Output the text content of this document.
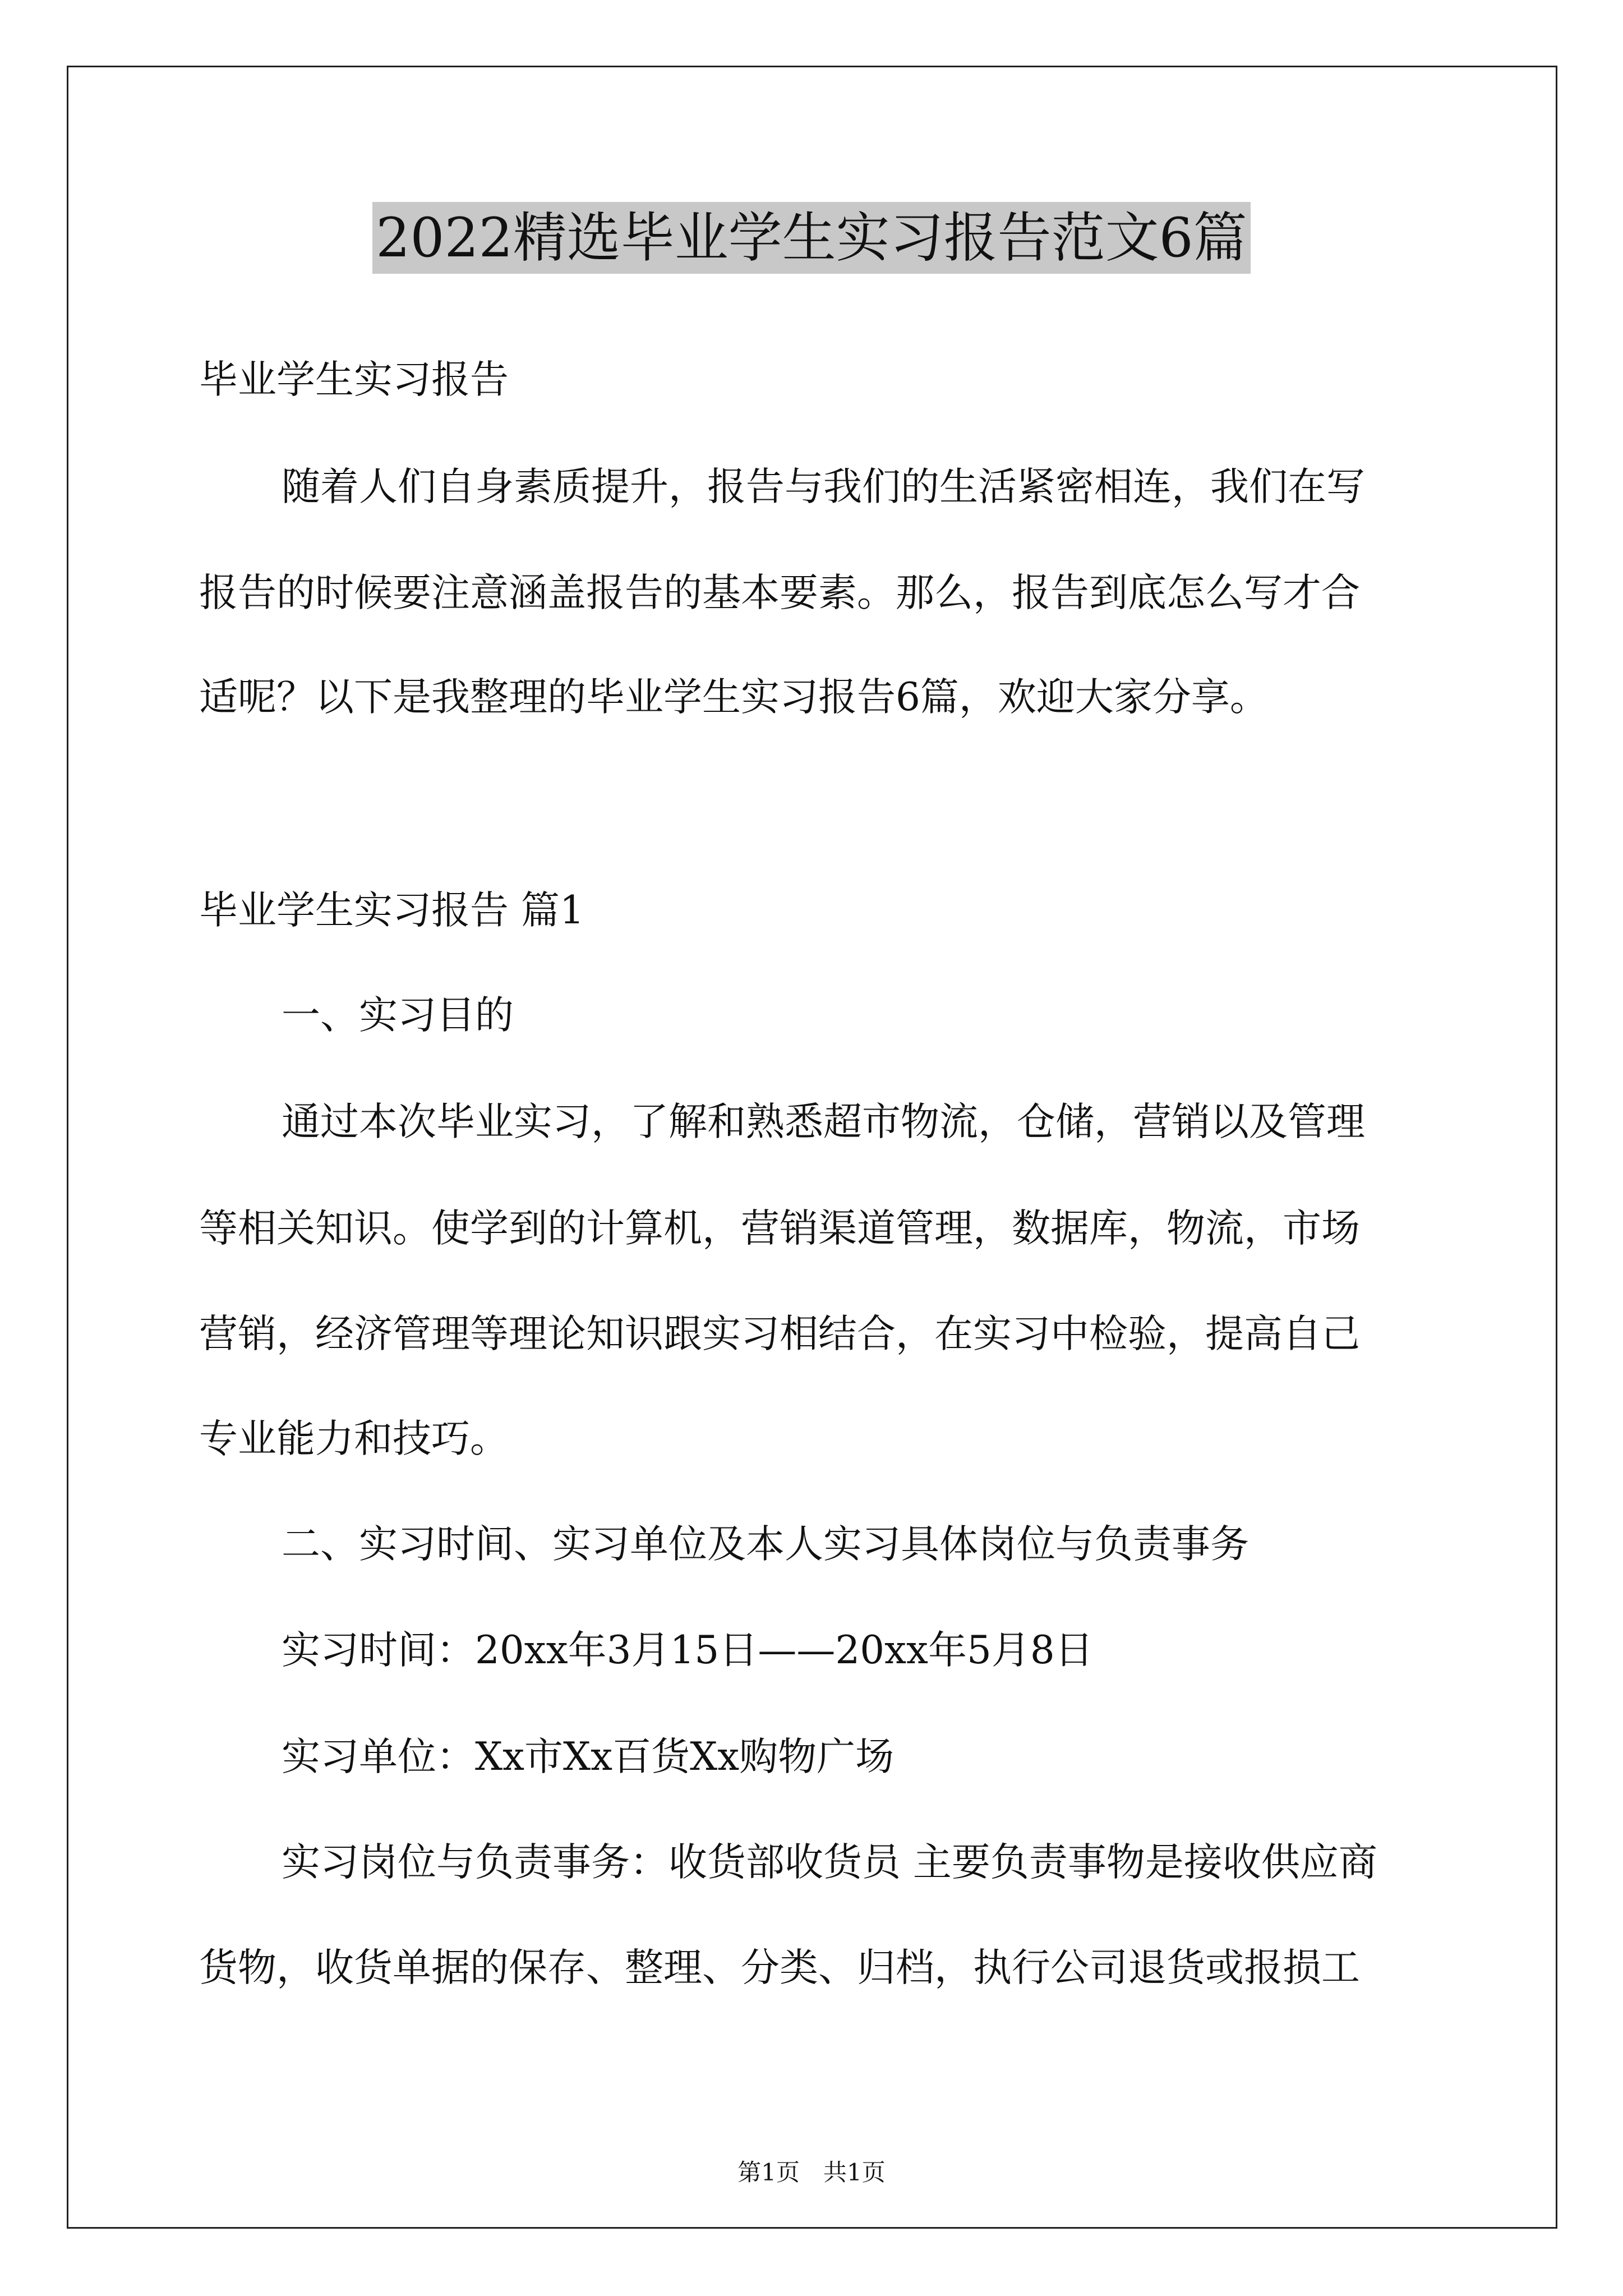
2022精选毕业学生实习报告范文6篇
毕业学生实习报告
随着人们自身素质提升，报告与我们的生活紧密相连，我们在写
报告的时候要注意涵盖报告的基本要素。那么，报告到底怎么写才合
适呢？以下是我整理的毕业学生实习报告6篇，欢迎大家分享。
毕业学生实习报告 篇1
一、实习目的
通过本次毕业实习，了解和熟悉超市物流，仓储，营销以及管理
等相关知识。使学到的计算机，营销渠道管理，数据库，物流，市场
营销，经济管理等理论知识跟实习相结合，在实习中检验，提高自己
专业能力和技巧。
二、实习时间、实习单位及本人实习具体岗位与负责事务
实习时间：20xx年3月15日——20xx年5月8日
实习单位：Xx市Xx百货Xx购物广场
实习岗位与负责事务：收货部收货员 主要负责事物是接收供应商
货物，收货单据的保存、整理、分类、归档，执行公司退货或报损工
第1页　共1页
